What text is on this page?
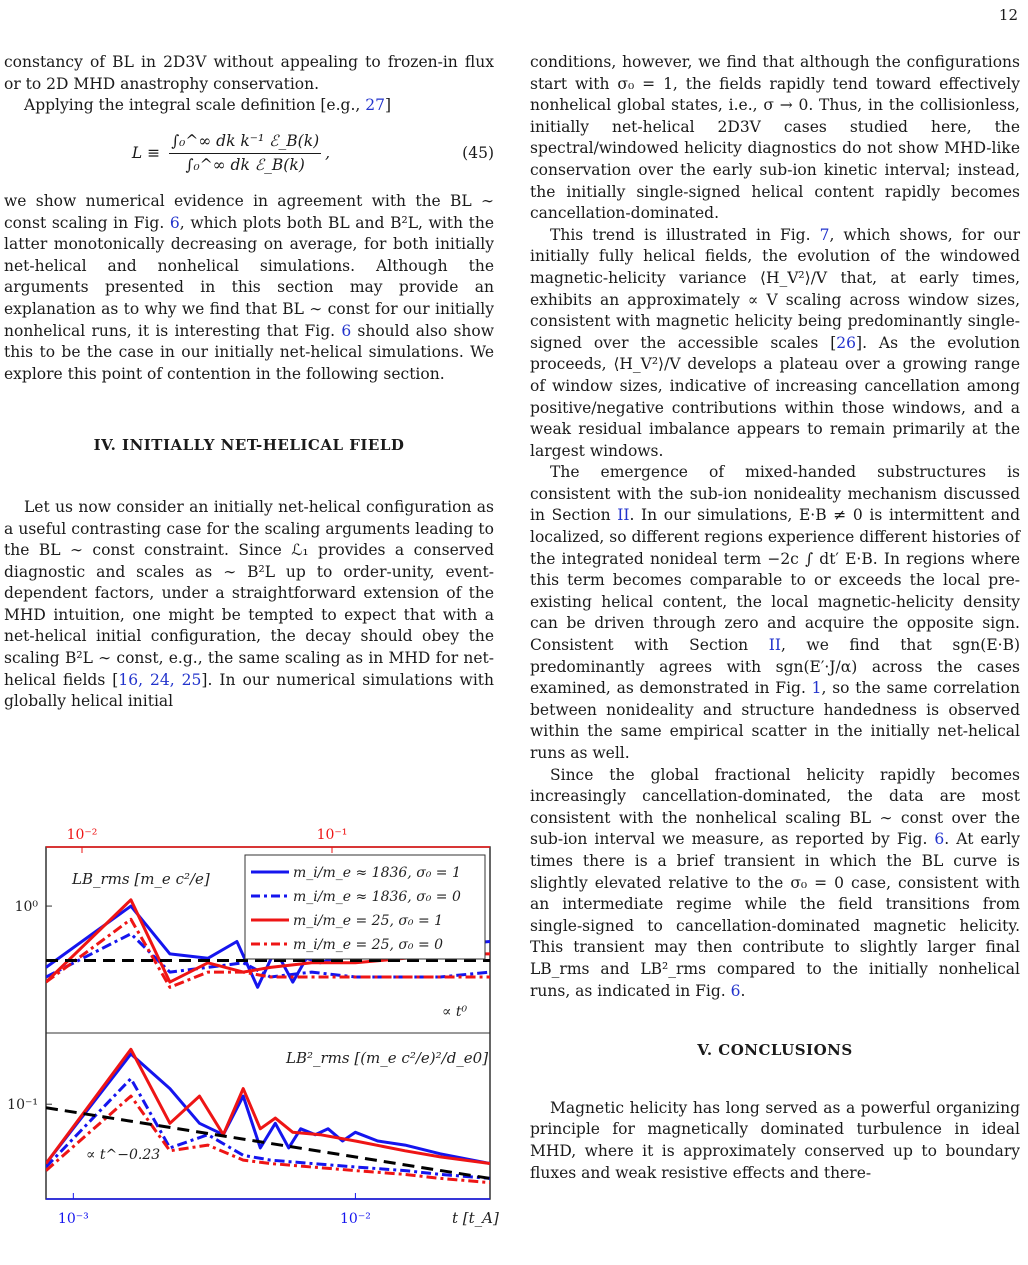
12

constancy of BL in 2D3V without appealing to frozen-in flux or to 2D MHD anastrophy conservation.

Applying the integral scale definition [e.g., 27]

$L \equiv \frac{\text{∫₀\textasciicircum{}∞ dk k⁻¹ ℰ\_B(k)}}{\text{∫₀\textasciicircum{}∞ dk ℰ\_B(k)}}$ ,	(45)

we show numerical evidence in agreement with the BL ∼ const scaling in Fig. 6, which plots both BL and B²L, with the latter monotonically decreasing on average, for both initially net-helical and nonhelical simulations. Although the arguments presented in this section may provide an explanation as to why we find that BL ∼ const for our initially nonhelical runs, it is interesting that Fig. 6 should also show this to be the case in our initially net-helical simulations. We explore this point of contention in the following section.

IV. INITIALLY NET-HELICAL FIELD

Let us now consider an initially net-helical configuration as a useful contrasting case for the scaling arguments leading to the BL ∼ const constraint. Since ℒ₁ provides a conserved diagnostic and scales as ∼ B²L up to order-unity, event-dependent factors, under a straightforward extension of the MHD intuition, one might be tempted to expect that with a net-helical initial configuration, the decay should obey the scaling B²L ∼ const, e.g., the same scaling as in MHD for net-helical fields [16, 24, 25]. In our numerical simulations with globally helical initial

conditions, however, we find that although the configurations start with σ₀ = 1, the fields rapidly tend toward effectively nonhelical global states, i.e., σ → 0. Thus, in the collisionless, initially net-helical 2D3V cases studied here, the spectral/windowed helicity diagnostics do not show MHD-like conservation over the early sub-ion kinetic interval; instead, the initially single-signed helical content rapidly becomes cancellation-dominated.

This trend is illustrated in Fig. 7, which shows, for our initially fully helical fields, the evolution of the windowed magnetic-helicity variance ⟨H_V²⟩/V that, at early times, exhibits an approximately ∝ V scaling across window sizes, consistent with magnetic helicity being predominantly single-signed over the accessible scales [26]. As the evolution proceeds, ⟨H_V²⟩/V develops a plateau over a growing range of window sizes, indicative of increasing cancellation among positive/negative contributions within those windows, and a weak residual imbalance appears to remain primarily at the largest windows.

The emergence of mixed-handed substructures is consistent with the sub-ion nonideality mechanism discussed in Section II. In our simulations, E·B ≠ 0 is intermittent and localized, so different regions experience different histories of the integrated nonideal term −2c ∫ dt′ E·B. In regions where this term becomes comparable to or exceeds the local pre-existing helical content, the local magnetic-helicity density can be driven through zero and acquire the opposite sign. Consistent with Section II, we find that sgn(E·B) predominantly agrees with sgn(E′·J/α) across the cases examined, as demonstrated in Fig. 1, so the same correlation between nonideality and structure handedness is observed within the same empirical scatter in the initially net-helical runs as well.

Since the global fractional helicity rapidly becomes increasingly cancellation-dominated, the data are most consistent with the nonhelical scaling BL ∼ const over the sub-ion interval we measure, as reported by Fig. 6. At early times there is a brief transient in which the BL curve is slightly elevated relative to the σ₀ = 0 case, consistent with an intermediate regime while the field transitions from single-signed to cancellation-dominated magnetic helicity. This transient may then contribute to slightly larger final LB_rms and LB²_rms compared to the initially nonhelical runs, as indicated in Fig. 6.

V. CONCLUSIONS

Magnetic helicity has long served as a powerful organizing principle for magnetically dominated turbulence in ideal MHD, where it is approximately conserved up to boundary fluxes and weak resistive effects and there-

10⁻²	10⁻¹
10⁻³	10⁻²	t [t_A]
10⁰
10⁻¹
LB_rms [m_e c²/e]
LB²_rms [(m_e c²/e)²/d_e0]
∝ t⁰
∝ t^−0.23
m_i/m_e ≈ 1836, σ₀ = 1
m_i/m_e ≈ 1836, σ₀ = 0
m_i/m_e = 25, σ₀ = 1
m_i/m_e = 25, σ₀ = 0
